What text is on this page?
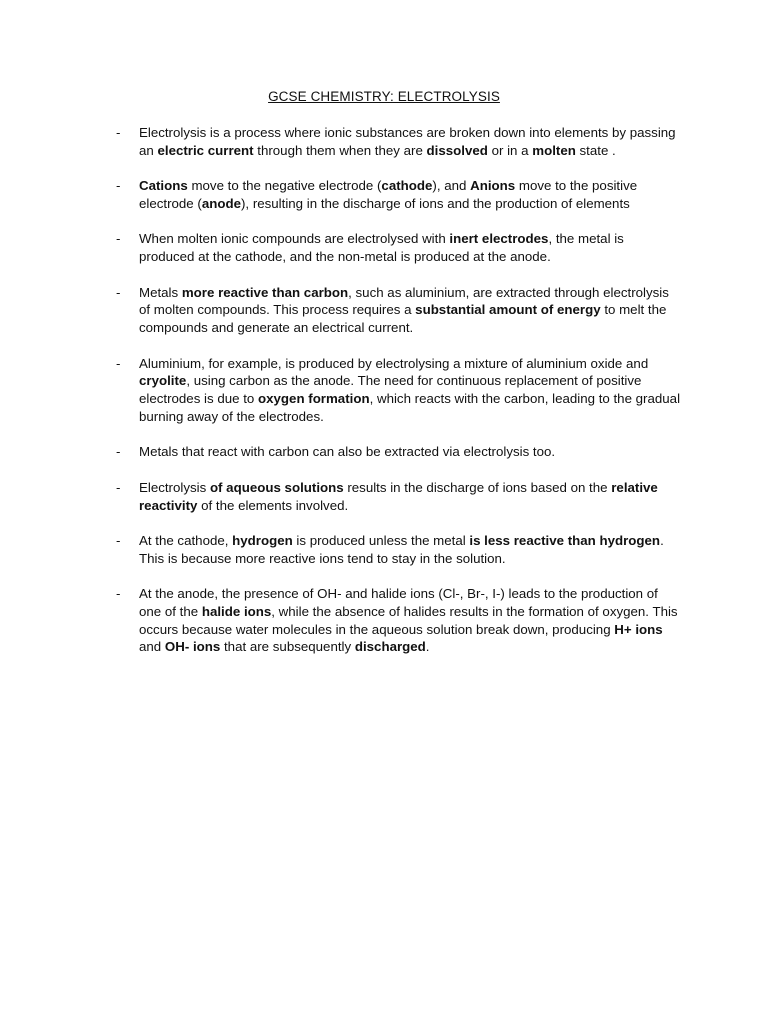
GCSE CHEMISTRY: ELECTROLYSIS
- Electrolysis is a process where ionic substances are broken down into elements by passing an electric current through them when they are dissolved or in a molten state .
- Cations move to the negative electrode (cathode), and Anions move to the positive electrode (anode), resulting in the discharge of ions and the production of elements
- When molten ionic compounds are electrolysed with inert electrodes, the metal is produced at the cathode, and the non-metal is produced at the anode.
- Metals more reactive than carbon, such as aluminium, are extracted through electrolysis of molten compounds. This process requires a substantial amount of energy to melt the compounds and generate an electrical current.
- Aluminium, for example, is produced by electrolysing a mixture of aluminium oxide and cryolite, using carbon as the anode. The need for continuous replacement of positive electrodes is due to oxygen formation, which reacts with the carbon, leading to the gradual burning away of the electrodes.
- Metals that react with carbon can also be extracted via electrolysis too.
- Electrolysis of aqueous solutions results in the discharge of ions based on the relative reactivity of the elements involved.
- At the cathode, hydrogen is produced unless the metal is less reactive than hydrogen. This is because more reactive ions tend to stay in the solution.
- At the anode, the presence of OH- and halide ions (Cl-, Br-, I-) leads to the production of one of the halide ions, while the absence of halides results in the formation of oxygen. This occurs because water molecules in the aqueous solution break down, producing H+ ions and OH- ions that are subsequently discharged.
